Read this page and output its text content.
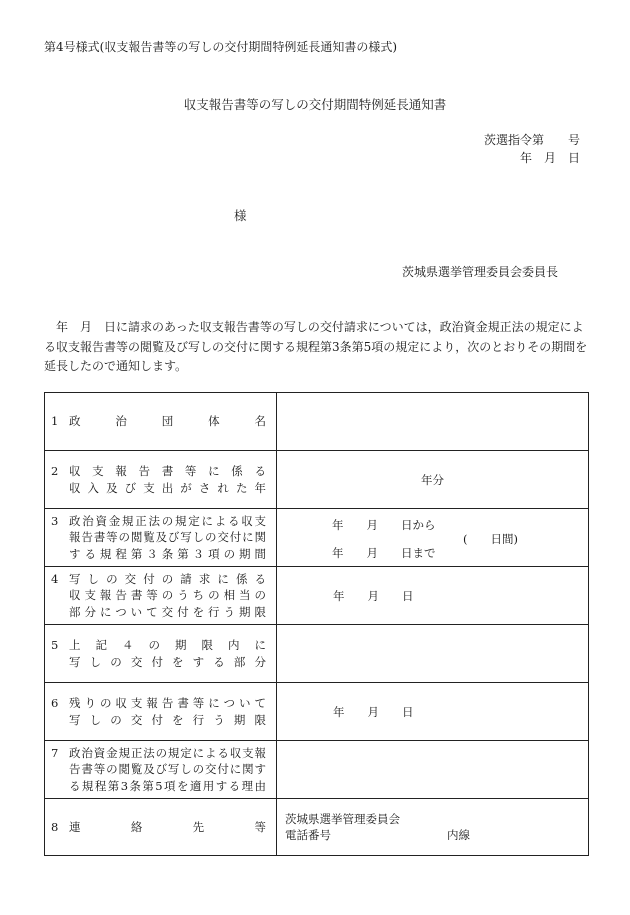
第4号様式(収支報告書等の写しの交付期間特例延長通知書の様式)
収支報告書等の写しの交付期間特例延長通知書
茨選指令第　　号
年　月　日
様
茨城県選挙管理委員会委員長
年　月　日に請求のあった収支報告書等の写しの交付請求については，政治資金規正法の規定による収支報告書等の閲覧及び写しの交付に関する規程第3条第5項の規定により，次のとおりその期間を延長したので通知します。
1 政治団体名	

2 収支報告書等に係る
収入及び支出がされた年	年分

3 政治資金規正法の規定による収支
報告書等の閲覧及び写しの交付に関
する規程第３条第３項の期間	年　　月　　日から
(　　日間)
年　　月　　日まで

4 写しの交付の請求に係る
収支報告書等のうちの相当の
部分について交付を行う期限	年　　月　　日

5 上記４の期限内に
写しの交付をする部分	

6 残りの収支報告書等について
写しの交付を行う期限	年　　月　　日

7 政治資金規正法の規定による収支報
告書等の閲覧及び写しの交付に関す
る規程第3条第5項を適用する理由	

8 連絡先等	茨城県選挙管理委員会
電話番号 内線
